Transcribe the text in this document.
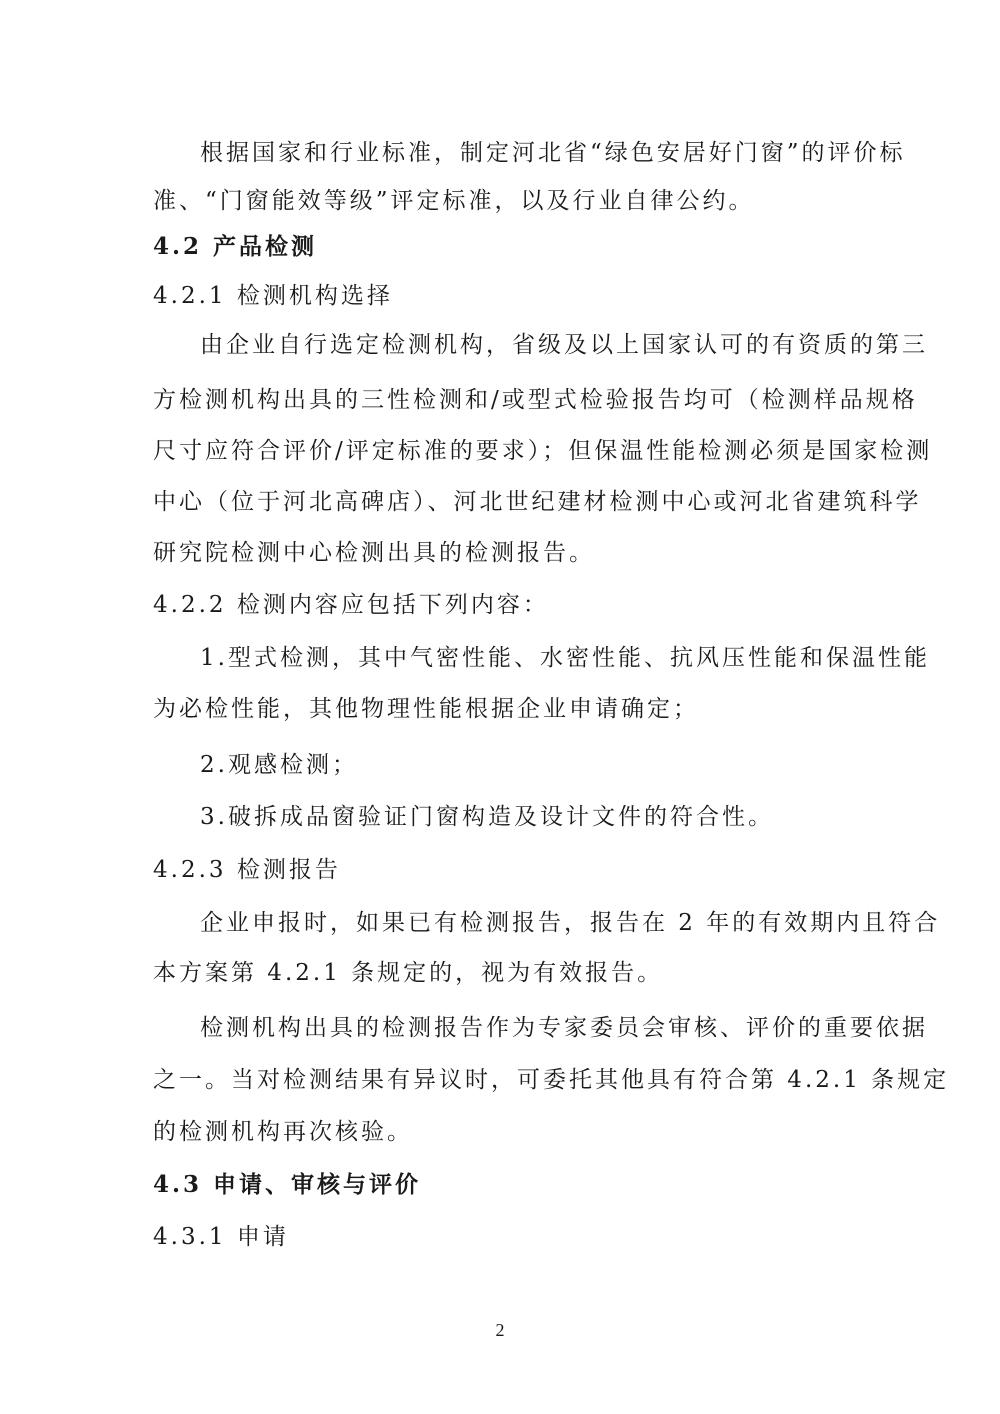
根据国家和行业标准，制定河北省“绿色安居好门窗”的评价标
准、“门窗能效等级”评定标准，以及行业自律公约。
4.2 产品检测
4.2.1 检测机构选择
由企业自行选定检测机构，省级及以上国家认可的有资质的第三
方检测机构出具的三性检测和/或型式检验报告均可（检测样品规格
尺寸应符合评价/评定标准的要求）；但保温性能检测必须是国家检测
中心（位于河北高碑店）、河北世纪建材检测中心或河北省建筑科学
研究院检测中心检测出具的检测报告。
4.2.2 检测内容应包括下列内容：
1.型式检测，其中气密性能、水密性能、抗风压性能和保温性能
为必检性能，其他物理性能根据企业申请确定；
2.观感检测；
3.破拆成品窗验证门窗构造及设计文件的符合性。
4.2.3 检测报告
企业申报时，如果已有检测报告，报告在 2 年的有效期内且符合
本方案第 4.2.1 条规定的，视为有效报告。
检测机构出具的检测报告作为专家委员会审核、评价的重要依据
之一。当对检测结果有异议时，可委托其他具有符合第 4.2.1 条规定
的检测机构再次核验。
4.3 申请、审核与评价
4.3.1 申请
2
